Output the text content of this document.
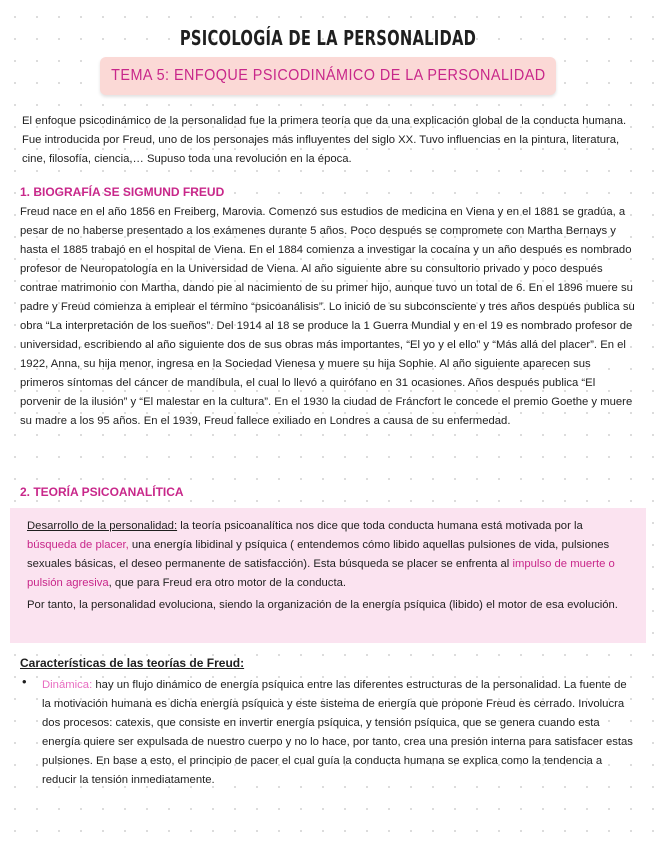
PSICOLOGÍA DE LA PERSONALIDAD
TEMA 5: ENFOQUE PSICODINÁMICO DE LA PERSONALIDAD

El enfoque psicodinámico de la personalidad fue la primera teoría que da una explicación global de la conducta humana. Fue introducida por Freud, uno de los personajes más influyentes del siglo XX. Tuvo influencias en la pintura, literatura, cine, filosofía, ciencia,… Supuso toda una revolución en la época.

1. BIOGRAFÍA SE SIGMUND FREUD

Freud nace en el año 1856 en Freiberg, Marovia. Comenzó sus estudios de medicina en Viena y en el 1881 se gradúa, a pesar de no haberse presentado a los exámenes durante 5 años. Poco después se compromete con Martha Bernays y hasta el 1885 trabajó en el hospital de Viena. En el 1884 comienza a investigar la cocaína y un año después es nombrado profesor de Neuropatología en la Universidad de Viena. Al año siguiente abre su consultorio privado y poco después contrae matrimonio con Martha, dando pie al nacimiento de su primer hijo, aunque tuvo un total de 6. En el 1896 muere su padre y Freud comienza a emplear el término “psicoanálisis”. Lo inició de su subconsciente y tres años después publica su obra “La interpretación de los sueños”. Del 1914 al 18 se produce la 1 Guerra Mundial y en el 19 es nombrado profesor de universidad, escribiendo al año siguiente dos de sus obras más importantes, “El yo y el ello” y “Más allá del placer”. En el 1922, Anna, su hija menor, ingresa en la Sociedad Vienesa y muere su hija Sophie. Al año siguiente aparecen sus primeros síntomas del cáncer de mandíbula, el cual lo llevó a quirófano en 31 ocasiones. Años después publica “El porvenir de la ilusión” y “El malestar en la cultura”. En el 1930 la ciudad de Fráncfort le concede el premio Goethe y muere su madre a los 95 años. En el 1939, Freud fallece exiliado en Londres a causa de su enfermedad.

2. TEORÍA PSICOANALÍTICA

Desarrollo de la personalidad: la teoría psicoanalítica nos dice que toda conducta humana está motivada por la búsqueda de placer, una energía libidinal y psíquica ( entendemos cómo libido aquellas pulsiones de vida, pulsiones sexuales básicas, el deseo permanente de satisfacción). Esta búsqueda se placer se enfrenta al impulso de muerte o pulsión agresiva, que para Freud era otro motor de la conducta.

Por tanto, la personalidad evoluciona, siendo la organización de la energía psíquica (libido) el motor de esa evolución.

Características de las teorías de Freud:

• Dinámica: hay un flujo dinámico de energía psíquica entre las diferentes estructuras de la personalidad. La fuente de la motivación humana es dicha energía psíquica y este sistema de energía que propone Freud es cerrado. Involucra dos procesos: catexis, que consiste en invertir energía psíquica, y tensión psíquica, que se genera cuando esta energía quiere ser expulsada de nuestro cuerpo y no lo hace, por tanto, crea una presión interna para satisfacer estas pulsiones. En base a esto, el principio de pacer el cual guía la conducta humana se explica como la tendencia a reducir la tensión inmediatamente.
